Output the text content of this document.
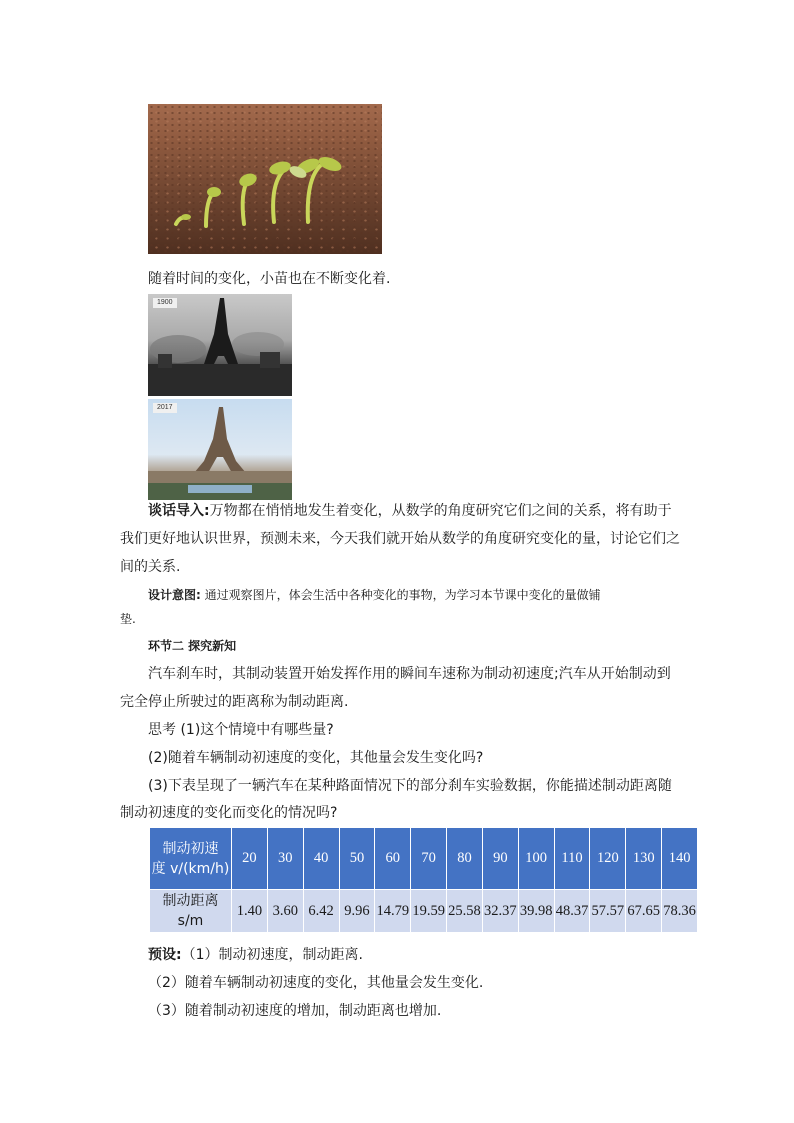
随着时间的变化，小苗也在不断变化着.
1900
2017
谈话导入:万物都在悄悄地发生着变化，从数学的角度研究它们之间的关系，将有助于
我们更好地认识世界，预测未来，今天我们就开始从数学的角度研究变化的量，讨论它们之
间的关系.
设计意图: 通过观察图片，体会生活中各种变化的事物，为学习本节课中变化的量做铺
垫.
环节二 探究新知
汽车刹车时，其制动装置开始发挥作用的瞬间车速称为制动初速度;汽车从开始制动到
完全停止所驶过的距离称为制动距离.
思考 (1)这个情境中有哪些量?
(2)随着车辆制动初速度的变化，其他量会发生变化吗?
(3)下表呈现了一辆汽车在某种路面情况下的部分刹车实验数据，你能描述制动距离随
制动初速度的变化而变化的情况吗?
制动初速
度 v/(km/h)	20	30	40	50	60	70	80	90	100	110	120	130	140

制动距离
s/m	1.40	3.60	6.42	9.96	14.79	19.59	25.58	32.37	39.98	48.37	57.57	67.65	78.36
预设:（1）制动初速度，制动距离.
（2）随着车辆制动初速度的变化，其他量会发生变化.
（3）随着制动初速度的增加，制动距离也增加.
